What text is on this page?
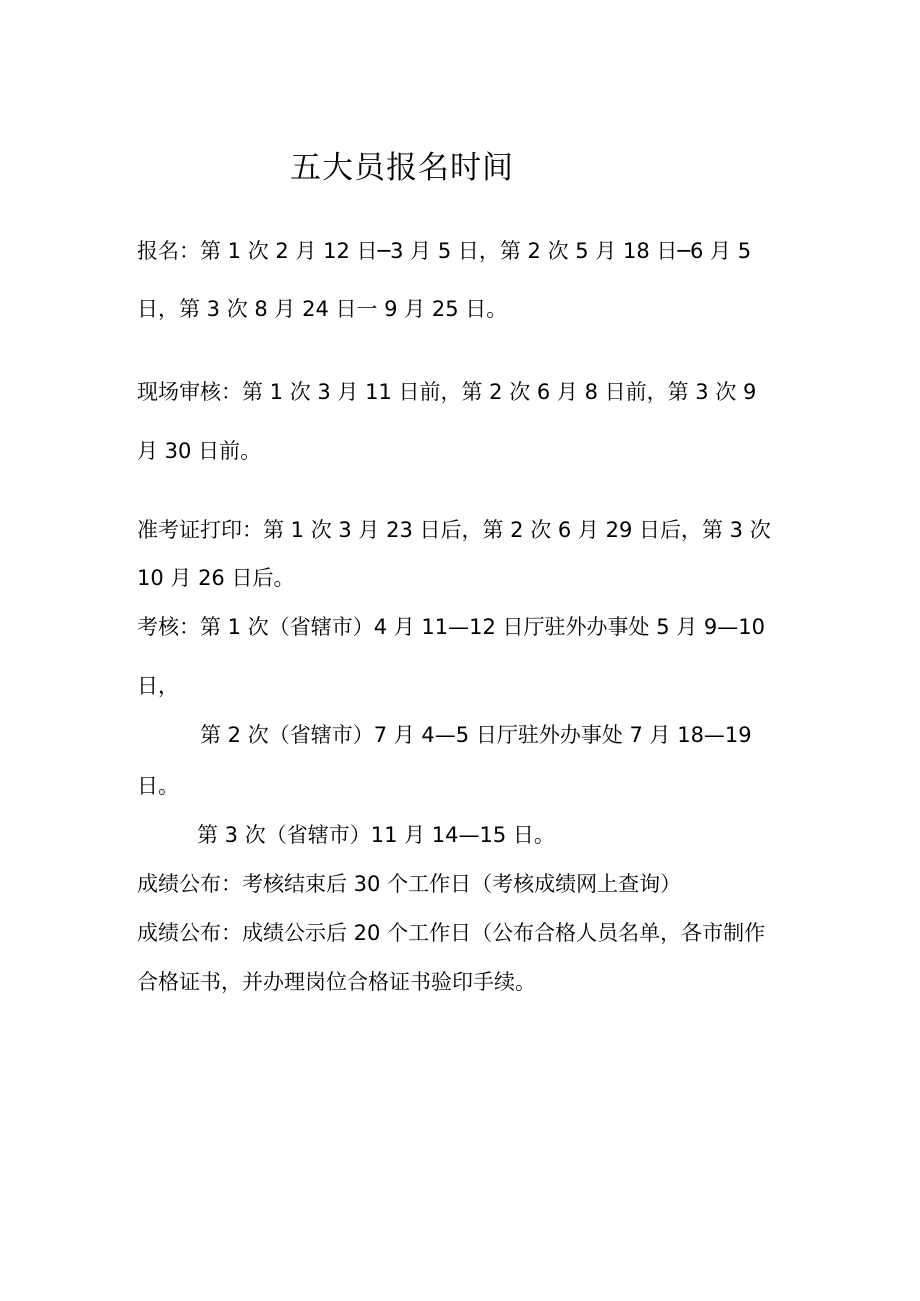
五大员报名时间
报名：第 1 次 2 月 12 日─3 月 5 日，第 2 次 5 月 18 日─6 月 5
日，第 3 次 8 月 24 日一 9 月 25 日。
现场审核：第 1 次 3 月 11 日前，第 2 次 6 月 8 日前，第 3 次 9
月 30 日前。
准考证打印：第 1 次 3 月 23 日后，第 2 次 6 月 29 日后，第 3 次
10 月 26 日后。
考核：第 1 次（省辖市）4 月 11—12 日厅驻外办事处 5 月 9—10
日，
第 2 次（省辖市）7 月 4—5 日厅驻外办事处 7 月 18—19
日。
第 3 次（省辖市）11 月 14—15 日。
成绩公布：考核结束后 30 个工作日（考核成绩网上查询）
成绩公布：成绩公示后 20 个工作日（公布合格人员名单，各市制作
合格证书，并办理岗位合格证书验印手续。
